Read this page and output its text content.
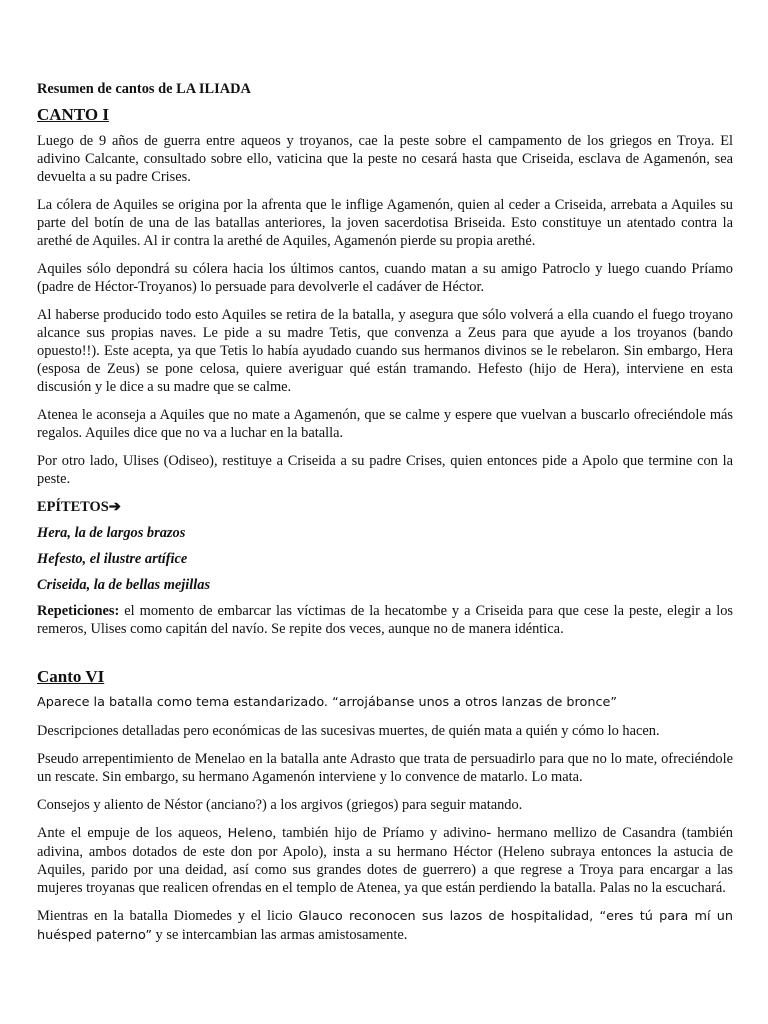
Resumen de cantos de LA ILIADA
CANTO I

Luego de 9 años de guerra entre aqueos y troyanos, cae la peste sobre el campamento de los griegos en Troya. El adivino Calcante, consultado sobre ello, vaticina que la peste no cesará hasta que Criseida, esclava de Agamenón, sea devuelta a su padre Crises.

La cólera de Aquiles se origina por la afrenta que le inflige Agamenón, quien al ceder a Criseida, arrebata a Aquiles su parte del botín de una de las batallas anteriores, la joven sacerdotisa Briseida. Esto constituye un atentado contra la arethé de Aquiles. Al ir contra la arethé de Aquiles, Agamenón pierde su propia arethé.

Aquiles sólo depondrá su cólera hacia los últimos cantos, cuando matan a su amigo Patroclo y luego cuando Príamo (padre de Héctor-Troyanos) lo persuade para devolverle el cadáver de Héctor.

Al haberse producido todo esto Aquiles se retira de la batalla, y asegura que sólo volverá a ella cuando el fuego troyano alcance sus propias naves. Le pide a su madre Tetis, que convenza a Zeus para que ayude a los troyanos (bando opuesto!!). Este acepta, ya que Tetis lo había ayudado cuando sus hermanos divinos se le rebelaron. Sin embargo, Hera (esposa de Zeus) se pone celosa, quiere averiguar qué están tramando. Hefesto (hijo de Hera), interviene en esta discusión y le dice a su madre que se calme.

Atenea le aconseja a Aquiles que no mate a Agamenón, que se calme y espere que vuelvan a buscarlo ofreciéndole más regalos. Aquiles dice que no va a luchar en la batalla.

Por otro lado, Ulises (Odiseo), restituye a Criseida a su padre Crises, quien entonces pide a Apolo que termine con la peste.

EPÍTETOS➔
Hera, la de largos brazos
Hefesto, el ilustre artífice
Criseida, la de bellas mejillas

Repeticiones: el momento de embarcar las víctimas de la hecatombe y a Criseida para que cese la peste, elegir a los remeros, Ulises como capitán del navío. Se repite dos veces, aunque no de manera idéntica.

Canto VI

Aparece la batalla como tema estandarizado. “arrojábanse unos a otros lanzas de bronce”

Descripciones detalladas pero económicas de las sucesivas muertes, de quién mata a quién y cómo lo hacen.

Pseudo arrepentimiento de Menelao en la batalla ante Adrasto que trata de persuadirlo para que no lo mate, ofreciéndole un rescate. Sin embargo, su hermano Agamenón interviene y lo convence de matarlo. Lo mata.

Consejos y aliento de Néstor (anciano?) a los argivos (griegos) para seguir matando.

Ante el empuje de los aqueos, Heleno, también hijo de Príamo y adivino- hermano mellizo de Casandra (también adivina, ambos dotados de este don por Apolo), insta a su hermano Héctor (Heleno subraya entonces la astucia de Aquiles, parido por una deidad, así como sus grandes dotes de guerrero) a que regrese a Troya para encargar a las mujeres troyanas que realicen ofrendas en el templo de Atenea, ya que están perdiendo la batalla. Palas no la escuchará.

Mientras en la batalla Diomedes y el licio Glauco reconocen sus lazos de hospitalidad, “eres tú para mí un huésped paterno” y se intercambian las armas amistosamente.
